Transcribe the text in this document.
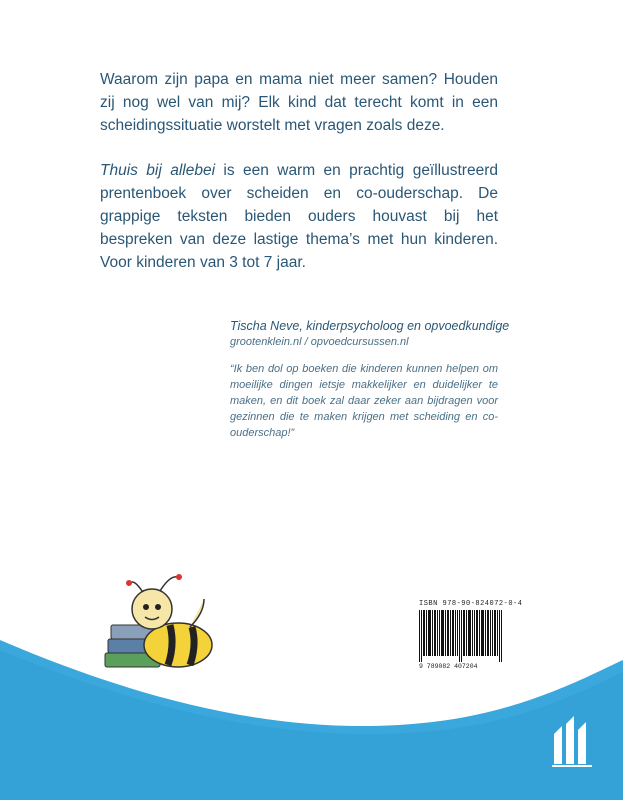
Waarom zijn papa en mama niet meer samen? Houden zij nog wel van mij? Elk kind dat terecht komt in een scheidingssituatie worstelt met vragen zoals deze.

Thuis bij allebei is een warm en prachtig geïllustreerd prentenboek over scheiden en co-ouderschap. De grappige teksten bieden ouders houvast bij het bespreken van deze lastige thema’s met hun kinderen. Voor kinderen van 3 tot 7 jaar.

Tischa Neve, kinderpsycholoog en opvoedkundige
grootenklein.nl / opvoedcursussen.nl

“Ik ben dol op boeken die kinderen kunnen helpen om moeilijke dingen ietsje makkelijker en duidelijker te maken, en dit boek zal daar zeker aan bijdragen voor gezinnen die te maken krijgen met scheiding en co-ouderschap!”

ISBN 978-90-824072-0-4
9 789082 407204
